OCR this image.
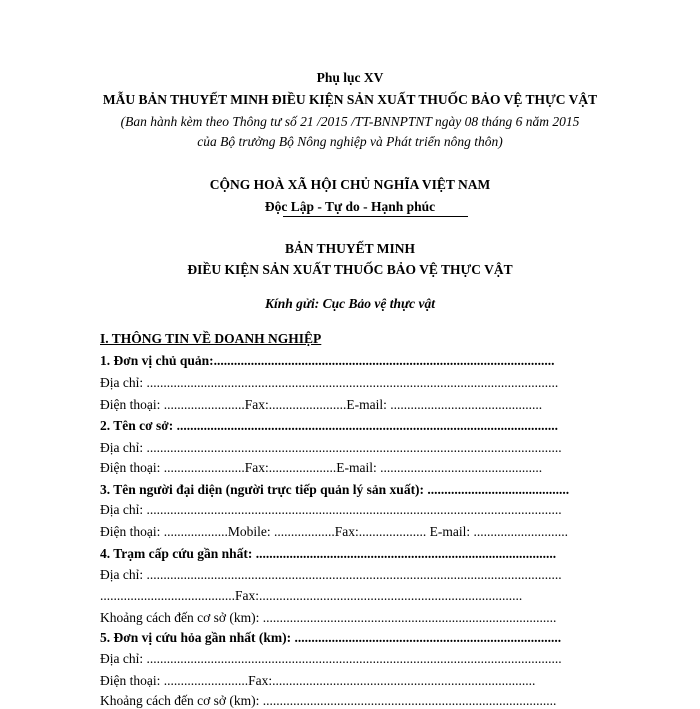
Phụ lục XV
MẪU BẢN THUYẾT MINH ĐIỀU KIỆN SẢN XUẤT THUỐC BẢO VỆ THỰC VẬT
(Ban hành kèm theo Thông tư số 21 /2015 /TT-BNNPTNT ngày 08 tháng 6 năm 2015
của Bộ trưởng Bộ Nông nghiệp và Phát triển nông thôn)
CỘNG HOÀ XÃ HỘI CHỦ NGHĨA VIỆT NAM
Độc Lập - Tự do - Hạnh phúc
BẢN THUYẾT MINH
ĐIỀU KIỆN SẢN XUẤT THUỐC BẢO VỆ THỰC VẬT
Kính gửi: Cục Bảo vệ thực vật
I. THÔNG TIN VỀ DOANH NGHIỆP
1. Đơn vị chủ quản:.....................................................................................................
Địa chỉ: ..........................................................................................................................
Điện thoại: ........................Fax:.......................E-mail: .............................................
2. Tên cơ sở: .................................................................................................................
Địa chỉ: ...........................................................................................................................
Điện thoại: ........................Fax:....................E-mail: ................................................
3. Tên người đại diện (người trực tiếp quản lý sản xuất): ..........................................
Địa chỉ: ...........................................................................................................................
Điện thoại: ...................Mobile: ..................Fax:.................... E-mail: ............................
4. Trạm cấp cứu gần nhất: .........................................................................................
Địa chỉ: ...........................................................................................................................
........................................Fax:..............................................................................
Khoảng cách đến cơ sở (km): .......................................................................................
5. Đơn vị cứu hỏa gần nhất (km): ...............................................................................
Địa chỉ: ...........................................................................................................................
Điện thoại: .........................Fax:..............................................................................
Khoảng cách đến cơ sở (km): .......................................................................................
